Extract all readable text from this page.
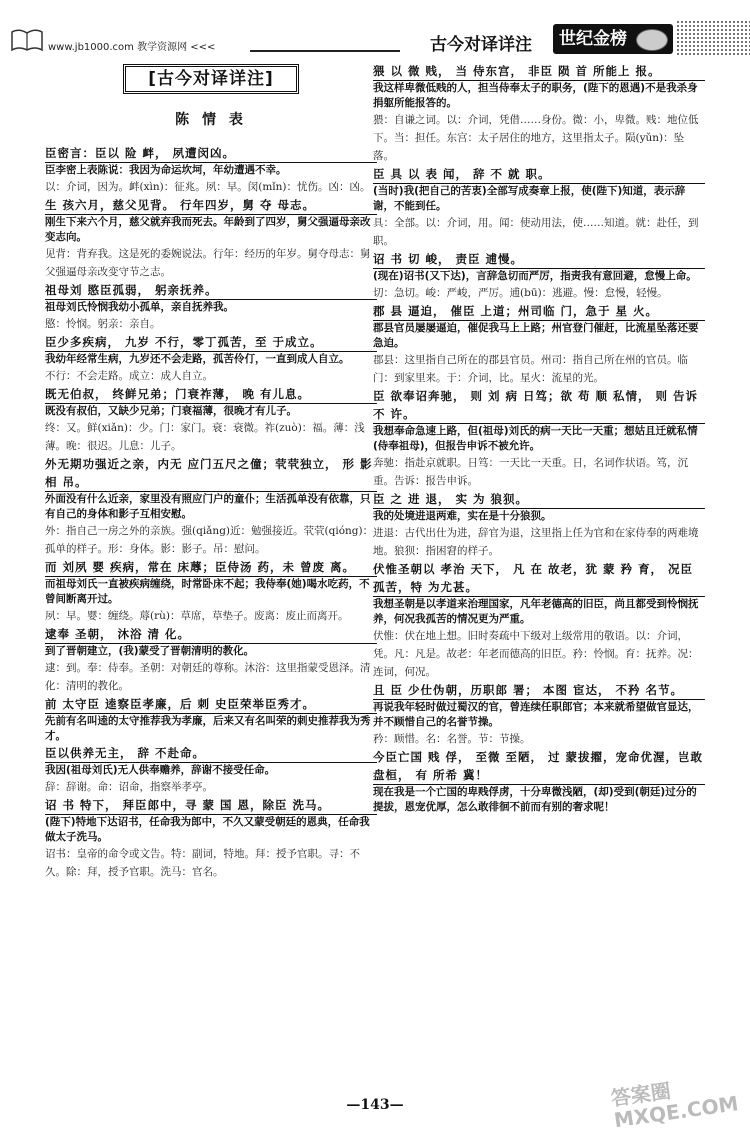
www.jb1000.com 教学资源网 <<<	古今对译详注	世纪金榜
[古今对译详注]
陈 情 表

臣密言：臣以 险 衅， 夙遭闵凶。

臣李密上表陈说：我因为命运坎坷，年幼遭遇不幸。

以：介词，因为。衅(xìn)：征兆。夙：早。闵(mǐn)：忧伤。凶：凶。

生 孩六月，慈父见背。 行年四岁，舅 夺 母志。

刚生下来六个月，慈父就弃我而死去。年龄到了四岁，舅父强逼母亲改变志向。

见背：背弃我。这是死的委婉说法。行年：经历的年岁。舅夺母志：舅父强逼母亲改变守节之志。

祖母刘 愍臣孤弱， 躬亲抚养。

祖母刘氏怜悯我幼小孤单，亲自抚养我。

愍：怜悯。躬亲：亲自。

臣少多疾病， 九岁 不行，零丁孤苦，至 于成立。

我幼年经常生病，九岁还不会走路，孤苦伶仃，一直到成人自立。

不行：不会走路。成立：成人自立。

既无伯叔， 终鲜兄弟；门衰祚薄， 晚 有儿息。

既没有叔伯，又缺少兄弟；门衰福薄，很晚才有儿子。

终：又。鲜(xiǎn)：少。门：家门。衰：衰微。祚(zuò)：福。薄：浅薄。晚：很迟。儿息：儿子。

外无期功强近之亲，内无 应门五尺之僮；茕茕独立， 形 影 相 吊。

外面没有什么近亲，家里没有照应门户的童仆；生活孤单没有依靠，只有自己的身体和影子互相安慰。

外：指自己一房之外的亲族。强(qiǎng)近：勉强接近。茕茕(qióng)：孤单的样子。形：身体。影：影子。吊：慰问。

而 刘夙 婴 疾病，常在 床蓐；臣侍汤 药，未 曾废 离。

而祖母刘氏一直被疾病缠绕，时常卧床不起；我侍奉(她)喝水吃药，不曾间断离开过。

夙：早。婴：缠绕。蓐(rù)：草席，草垫子。废离：废止而离开。

逮奉 圣朝， 沐浴 清 化。

到了晋朝建立，(我)蒙受了晋朝清明的教化。

逮：到。奉：侍奉。圣朝：对朝廷的尊称。沐浴：这里指蒙受恩泽。清化：清明的教化。

前 太守臣 逵察臣孝廉，后 刺 史臣荣举臣秀才。

先前有名叫逵的太守推荐我为孝廉，后来又有名叫荣的刺史推荐我为秀才。

臣以供养无主， 辞 不赴命。

我因(祖母刘氏)无人供奉赡养，辞谢不接受任命。

辞：辞谢。命：诏命，指察举孝亭。

诏 书 特下， 拜臣郎中，寻 蒙 国 恩，除臣 洗马。

(陛下)特地下达诏书，任命我为郎中，不久又蒙受朝廷的恩典，任命我做太子洗马。

诏书：皇帝的命令或文告。特：副词，特地。拜：授予官职。寻：不久。除：拜，授予官职。洗马：官名。

猥 以 微 贱， 当 侍东宫， 非臣 陨 首 所能上 报。

我这样卑微低贱的人，担当侍奉太子的职务，(陛下的恩遇)不是我杀身捐躯所能报答的。

猥：自谦之词。以：介词，凭借……身份。微：小，卑微。贱：地位低下。当：担任。东宫：太子居住的地方，这里指太子。陨(yǔn)：坠落。

臣 具 以 表 闻， 辞 不 就 职。

(当时)我(把自己的苦衷)全部写成奏章上报，使(陛下)知道，表示辞谢，不能到任。

具：全部。以：介词，用。闻：使动用法，使……知道。就：赴任，到职。

诏 书 切 峻， 责臣 逋慢。

(现在)诏书(又下达)，言辞急切而严厉，指责我有意回避，怠慢上命。

切：急切。峻：严峻，严厉。逋(bū)：逃避。慢：怠慢，轻慢。

郡 县 逼迫， 催臣 上道；州司临 门，急于 星 火。

郡县官员屡屡逼迫，催促我马上上路；州官登门催赶，比流星坠落还要急迫。

郡县：这里指自己所在的郡县官员。州司：指自己所在州的官员。临门：到家里来。于：介词，比。星火：流星的光。

臣 欲奉诏奔驰， 则 刘 病 日笃；欲 苟 顺 私情， 则 告诉 不 许。

我想奉命急速上路，但(祖母)刘氏的病一天比一天重；想姑且迁就私情(侍奉祖母)，但报告申诉不被允许。

奔驰：指赴京就职。日笃：一天比一天重。日，名词作状语。笃，沉重。告诉：报告申诉。

臣 之 进 退， 实 为 狼狈。

我的处境进退两难，实在是十分狼狈。

进退：古代出仕为进，辞官为退，这里指上任为官和在家侍奉的两难境地。狼狈：指困窘的样子。

伏惟圣朝以 孝治 天下， 凡 在 故老，犹 蒙 矜 育， 况臣 孤苦，特 为尤甚。

我想圣朝是以孝道来治理国家，凡年老德高的旧臣，尚且都受到怜悯抚养，何况我孤苦的情况更为严重。

伏惟：伏在地上想。旧时奏疏中下级对上级常用的敬语。以：介词，凭。凡：凡是。故老：年老而德高的旧臣。矜：怜悯。育：抚养。况：连词，何况。

且 臣 少仕伪朝，历职郎 署； 本图 宦达， 不矜 名节。

再说我年轻时做过蜀汉的官，曾连续任职郎官；本来就希望做官显达，并不顾惜自己的名誉节操。

矜：顾惜。名：名誉。节：节操。

今臣亡国 贱 俘， 至微 至陋， 过 蒙拔擢，宠命优渥，岂敢 盘桓， 有 所希 冀！

现在我是一个亡国的卑贱俘虏，十分卑微浅陋，(却)受到(朝廷)过分的提拔，恩宠优厚，怎么敢徘徊不前而有别的奢求呢！

—143—	答案圈 MXQE.COM
